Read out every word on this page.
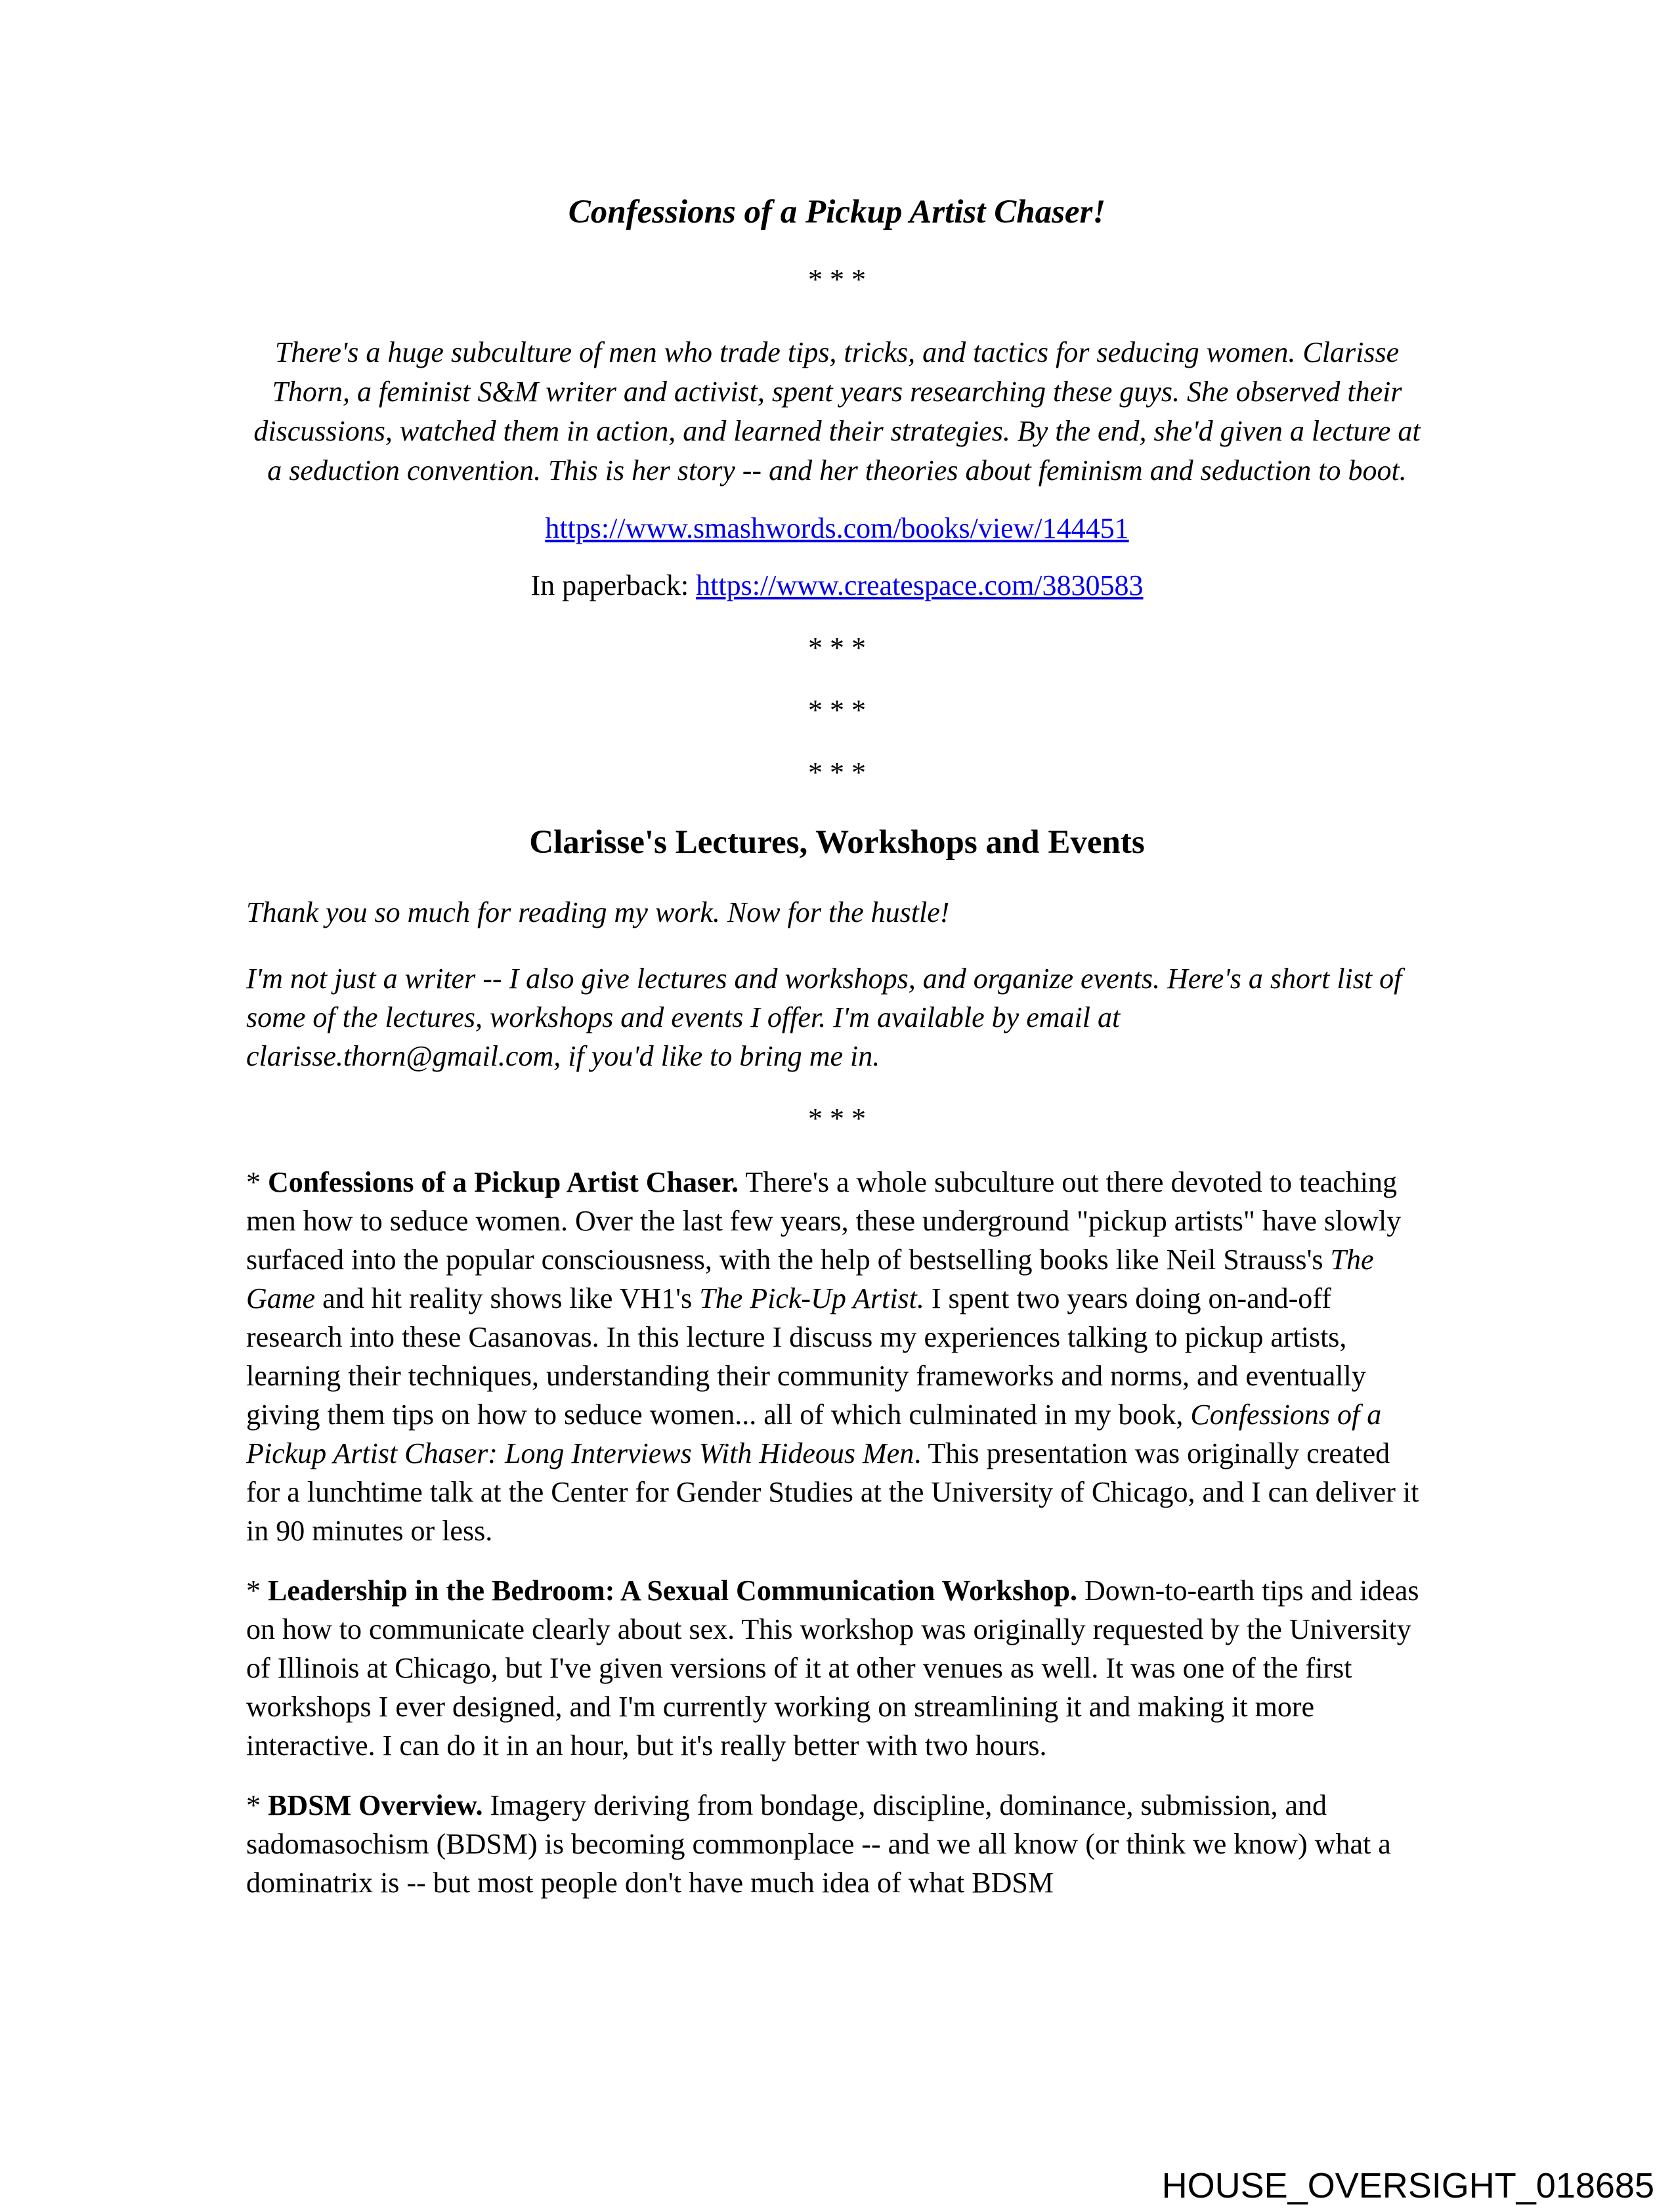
Confessions of a Pickup Artist Chaser!

* * *

There's a huge subculture of men who trade tips, tricks, and tactics for seducing women. Clarisse Thorn, a feminist S&M writer and activist, spent years researching these guys. She observed their discussions, watched them in action, and learned their strategies. By the end, she'd given a lecture at a seduction convention. This is her story -- and her theories about feminism and seduction to boot.

https://www.smashwords.com/books/view/144451

In paperback: https://www.createspace.com/3830583

* * *

* * *

* * *

Clarisse's Lectures, Workshops and Events

Thank you so much for reading my work. Now for the hustle!

I'm not just a writer -- I also give lectures and workshops, and organize events. Here's a short list of some of the lectures, workshops and events I offer. I'm available by email at clarisse.thorn@gmail.com, if you'd like to bring me in.

* * *

* Confessions of a Pickup Artist Chaser. There's a whole subculture out there devoted to teaching men how to seduce women. Over the last few years, these underground "pickup artists" have slowly surfaced into the popular consciousness, with the help of bestselling books like Neil Strauss's The Game and hit reality shows like VH1's The Pick-Up Artist. I spent two years doing on-and-off research into these Casanovas. In this lecture I discuss my experiences talking to pickup artists, learning their techniques, understanding their community frameworks and norms, and eventually giving them tips on how to seduce women... all of which culminated in my book, Confessions of a Pickup Artist Chaser: Long Interviews With Hideous Men. This presentation was originally created for a lunchtime talk at the Center for Gender Studies at the University of Chicago, and I can deliver it in 90 minutes or less.

* Leadership in the Bedroom: A Sexual Communication Workshop. Down-to-earth tips and ideas on how to communicate clearly about sex. This workshop was originally requested by the University of Illinois at Chicago, but I've given versions of it at other venues as well. It was one of the first workshops I ever designed, and I'm currently working on streamlining it and making it more interactive. I can do it in an hour, but it's really better with two hours.

* BDSM Overview. Imagery deriving from bondage, discipline, dominance, submission, and sadomasochism (BDSM) is becoming commonplace -- and we all know (or think we know) what a dominatrix is -- but most people don't have much idea of what BDSM

HOUSE_OVERSIGHT_018685
